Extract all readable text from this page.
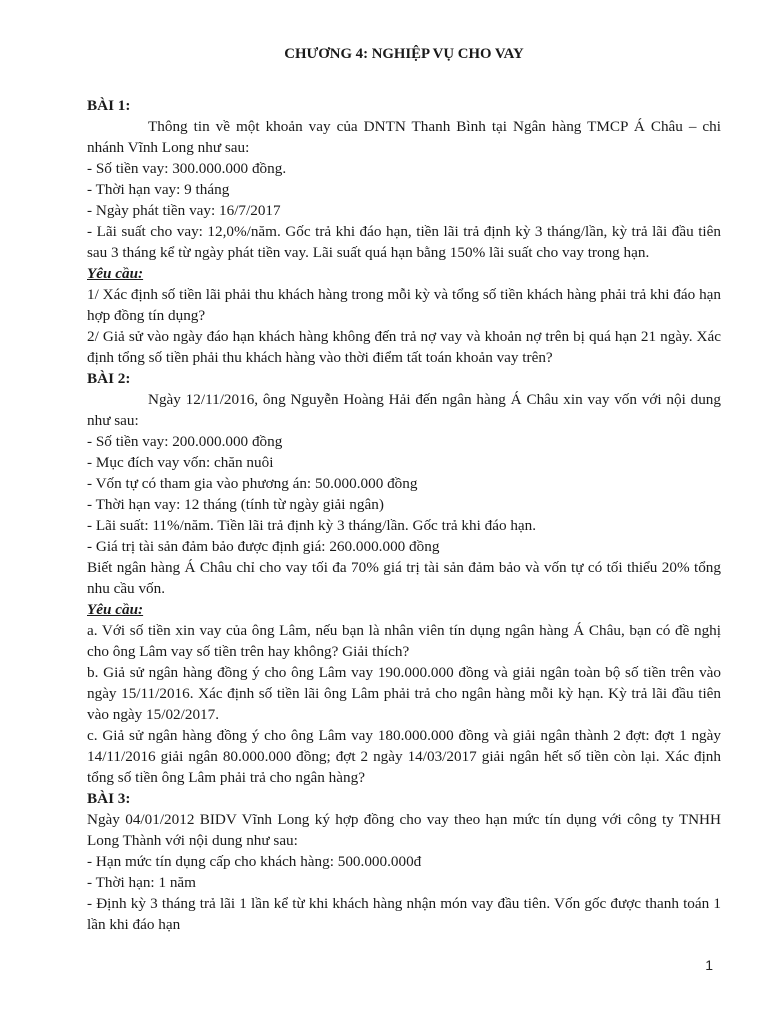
CHƯƠNG 4: NGHIỆP VỤ CHO VAY

BÀI 1:

Thông tin về một khoản vay của DNTN Thanh Bình tại Ngân hàng TMCP Á Châu – chi nhánh Vĩnh Long như sau:

- Số tiền vay: 300.000.000 đồng.

- Thời hạn vay: 9 tháng

- Ngày phát tiền vay: 16/7/2017

- Lãi suất cho vay: 12,0%/năm. Gốc trả khi đáo hạn, tiền lãi trả định kỳ 3 tháng/lần, kỳ trả lãi đầu tiên sau 3 tháng kể từ ngày phát tiền vay. Lãi suất quá hạn bằng 150% lãi suất cho vay trong hạn.

Yêu cầu:

1/ Xác định số tiền lãi phải thu khách hàng trong mỗi kỳ và tổng số tiền khách hàng phải trả khi đáo hạn hợp đồng tín dụng?

2/ Giả sử vào ngày đáo hạn khách hàng không đến trả nợ vay và khoản nợ trên bị quá hạn 21 ngày. Xác định tổng số tiền phải thu khách hàng vào thời điểm tất toán khoản vay trên?

BÀI 2:

Ngày 12/11/2016, ông Nguyễn Hoàng Hải đến ngân hàng Á Châu xin vay vốn với nội dung như sau:

- Số tiền vay: 200.000.000 đồng

- Mục đích vay vốn: chăn nuôi

- Vốn tự có tham gia vào phương án: 50.000.000 đồng

- Thời hạn vay: 12 tháng (tính từ ngày giải ngân)

- Lãi suất: 11%/năm. Tiền lãi trả định kỳ 3 tháng/lần. Gốc trả khi đáo hạn.

- Giá trị tài sản đảm bảo được định giá: 260.000.000 đồng

Biết ngân hàng Á Châu chỉ cho vay tối đa 70% giá trị tài sản đảm bảo và vốn tự có tối thiểu 20% tổng nhu cầu vốn.

Yêu cầu:

a. Với số tiền xin vay của ông Lâm, nếu bạn là nhân viên tín dụng ngân hàng Á Châu, bạn có đề nghị cho ông Lâm vay số tiền trên hay không? Giải thích?

b. Giả sử ngân hàng đồng ý cho ông Lâm vay 190.000.000 đồng và giải ngân toàn bộ số tiền trên vào ngày 15/11/2016. Xác định số tiền lãi ông Lâm phải trả cho ngân hàng mỗi kỳ hạn. Kỳ trả lãi đầu tiên vào ngày 15/02/2017.

c. Giả sử ngân hàng đồng ý cho ông Lâm vay 180.000.000 đồng và giải ngân thành 2 đợt: đợt 1 ngày 14/11/2016 giải ngân 80.000.000 đồng; đợt 2 ngày 14/03/2017 giải ngân hết số tiền còn lại. Xác định tổng số tiền ông Lâm phải trả cho ngân hàng?

BÀI 3:

Ngày 04/01/2012 BIDV Vĩnh Long ký hợp đồng cho vay theo hạn mức tín dụng với công ty TNHH Long Thành với nội dung như sau:

- Hạn mức tín dụng cấp cho khách hàng: 500.000.000đ

- Thời hạn: 1 năm

- Định kỳ 3 tháng trả lãi 1 lần kể từ khi khách hàng nhận món vay đầu tiên. Vốn gốc được thanh toán 1 lần khi đáo hạn

1
